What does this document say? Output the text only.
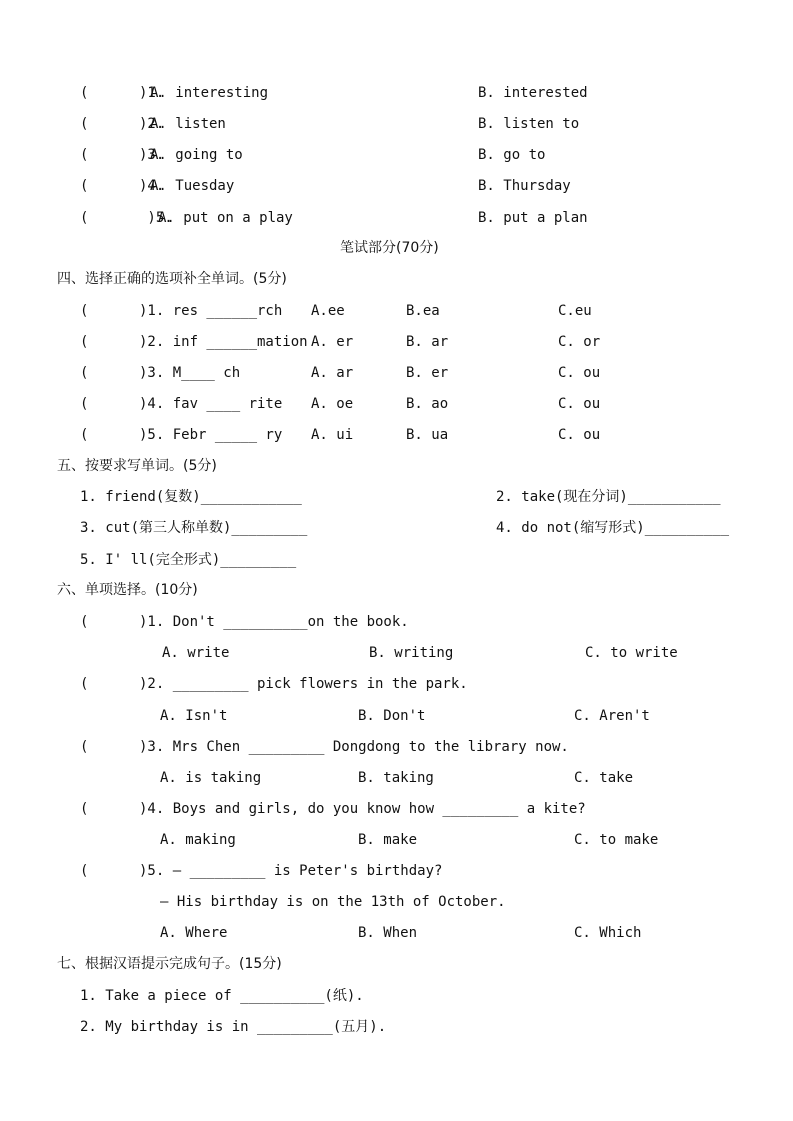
(      )1.
A. interesting	B. interested
(      )2.
A. listen	B. listen to
(      )3.
A. going to	B. go to
(      )4.
A. Tuesday	B. Thursday
(       )5.
A. put on a play	B. put a plan
笔试部分(70分)
四、选择正确的选项补全单词。(5分)
(      )1. res ______rch A.ee	B.ea	C.eu
(      )2. inf ______mation A. er	B. ar	C. or
(      )3. M____ ch	A. ar	B. er	C. ou
(      )4. fav ____ rite A. oe	B. ao	C. ou
(      )5. Febr _____ ry A. ui	B. ua	C. ou
五、按要求写单词。(5分)
1. friend(复数)____________	2. take(现在分词)___________
3. cut(第三人称单数)_________	4. do not(缩写形式)__________
5. I' ll(完全形式)_________
六、单项选择。(10分)
(      )1. Don't __________on the book.
A. write	B. writing	C. to write
(      )2. _________ pick flowers in the park.
A. Isn't	B. Don't	C. Aren't
(      )3. Mrs Chen _________ Dongdong to the library now.
A. is taking	B. taking	C. take
(      )4. Boys and girls, do you know how _________ a kite?
A. making	B. make	C. to make
(      )5. — _________ is Peter's birthday?
— His birthday is on the 13th of October.
A. Where	B. When	C. Which
七、根据汉语提示完成句子。(15分)
1. Take a piece of __________(纸).
2. My birthday is in _________(五月).
